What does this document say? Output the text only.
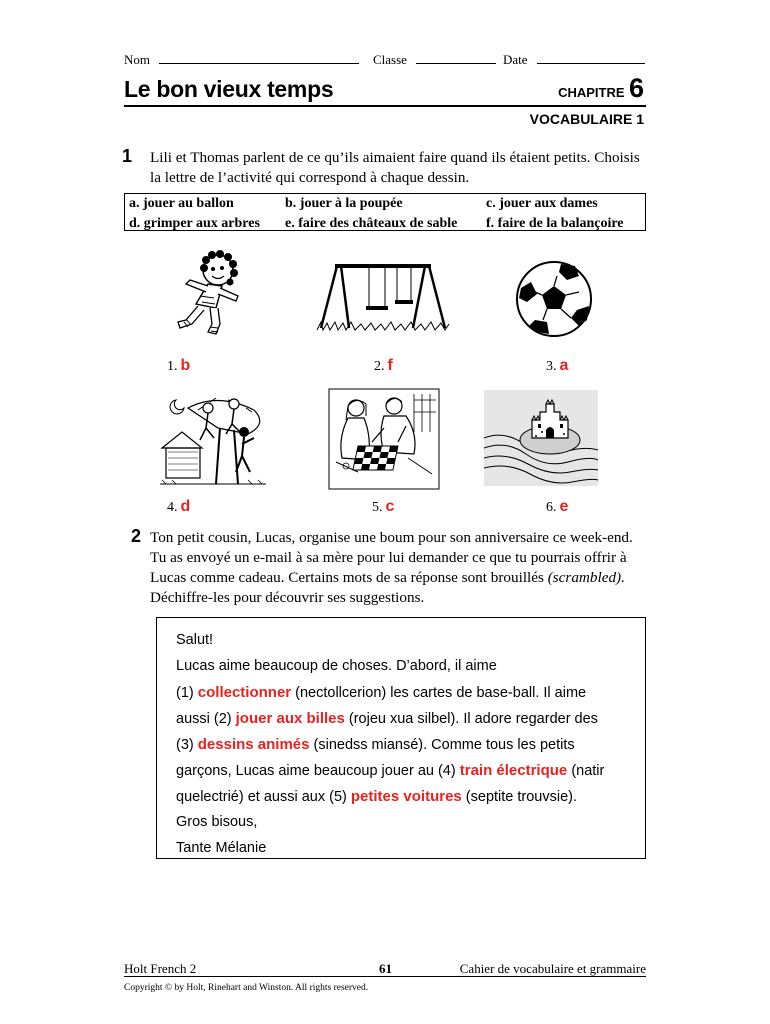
Nom	Classe	Date
Le bon vieux temps	CHAPITRE 6
VOCABULAIRE 1
1 Lili et Thomas parlent de ce qu’ils aimaient faire quand ils étaient petits. Choisis
la lettre de l’activité qui correspond à chaque dessin.
a. jouer au ballon	b. jouer à la poupée	c. jouer aux dames
d. grimper aux arbres	e. faire des châteaux de sable	f. faire de la balançoire
1. b	2. f	3. a
4. d	5. c	6. e
2 Ton petit cousin, Lucas, organise une boum pour son anniversaire ce week-end.
Tu as envoyé un e-mail à sa mère pour lui demander ce que tu pourrais offrir à
Lucas comme cadeau. Certains mots de sa réponse sont brouillés (scrambled).
Déchiffre-les pour découvrir ses suggestions.
Salut!
Lucas aime beaucoup de choses. D’abord, il aime
(1) collectionner (nectollcerion) les cartes de base-ball. Il aime
aussi (2) jouer aux billes (rojeu xua silbel). Il adore regarder des
(3) dessins animés (sinedss miansé). Comme tous les petits
garçons, Lucas aime beaucoup jouer au (4) train électrique (natir
quelectrié) et aussi aux (5) petites voitures (septite trouvsie).
Gros bisous,
Tante Mélanie
Holt French 2	61	Cahier de vocabulaire et grammaire
Copyright © by Holt, Rinehart and Winston. All rights reserved.
